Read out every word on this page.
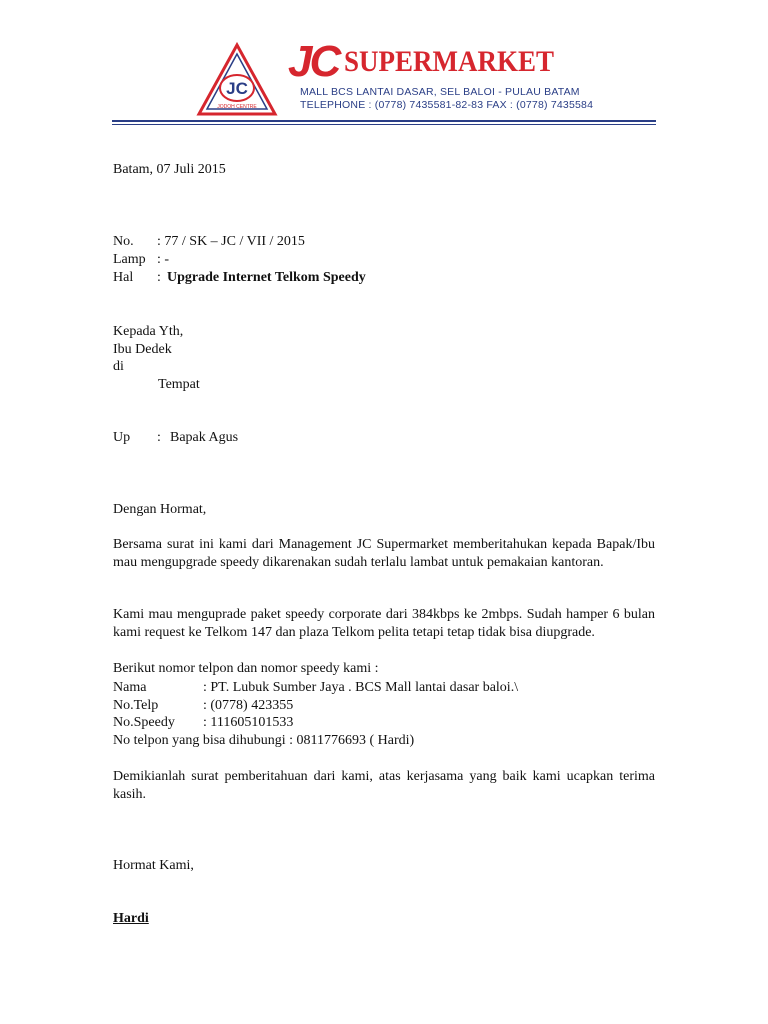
JC
JODOH CENTRE
JC SUPERMARKET
MALL BCS LANTAI DASAR, SEL BALOI - PULAU BATAM
TELEPHONE : (0778) 7435581-82-83 FAX : (0778) 7435584
Batam, 07 Juli 2015
No. : 77 / SK – JC / VII / 2015
Lamp : -
Hal : Upgrade Internet Telkom Speedy
Kepada Yth,
Ibu Dedek
di
Tempat
Up : Bapak Agus
Dengan Hormat,
Bersama surat ini kami dari Management JC Supermarket memberitahukan kepada Bapak/Ibu mau mengupgrade speedy dikarenakan sudah terlalu lambat untuk pemakaian kantoran.
Kami mau menguprade paket speedy corporate dari 384kbps ke 2mbps. Sudah hamper 6 bulan kami request ke Telkom 147 dan plaza Telkom pelita tetapi tetap tidak bisa diupgrade.
Berikut nomor telpon dan nomor speedy kami :
Nama	: PT. Lubuk Sumber Jaya . BCS Mall lantai dasar baloi.\
No.Telp	: (0778) 423355
No.Speedy : 111605101533
No telpon yang bisa dihubungi : 0811776693 ( Hardi)
Demikianlah surat pemberitahuan dari kami, atas kerjasama yang baik kami ucapkan terima kasih.
Hormat Kami,
Hardi
